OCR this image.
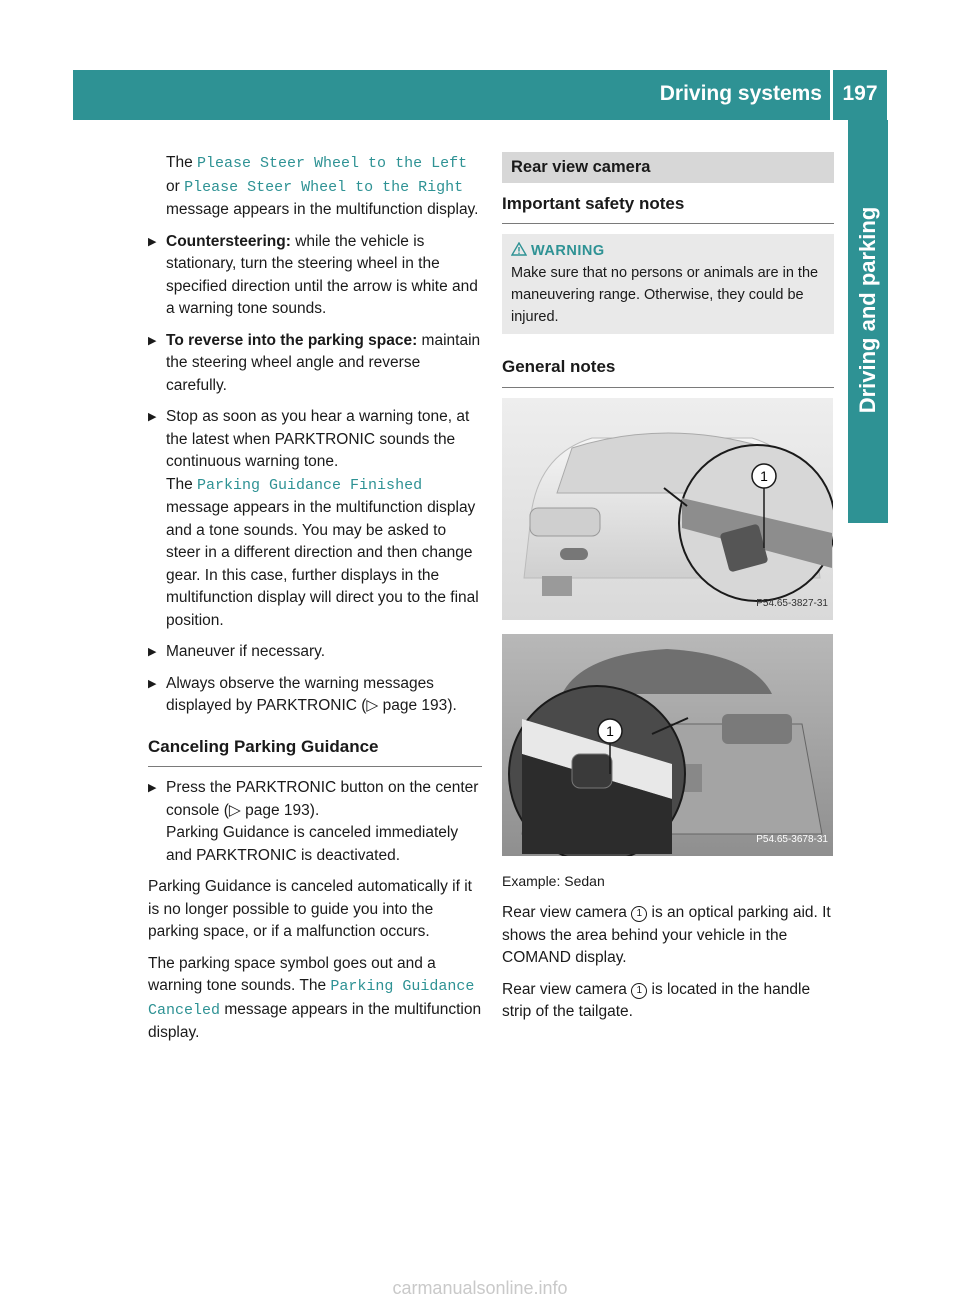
Driving systems 197
Driving and parking

The Please Steer Wheel to the Left or Please Steer Wheel to the Right message appears in the multifunction display.

▶ Countersteering: while the vehicle is stationary, turn the steering wheel in the specified direction until the arrow is white and a warning tone sounds.
▶ To reverse into the parking space: maintain the steering wheel angle and reverse carefully.
▶ Stop as soon as you hear a warning tone, at the latest when PARKTRONIC sounds the continuous warning tone.
The Parking Guidance Finished message appears in the multifunction display and a tone sounds. You may be asked to steer in a different direction and then change gear. In this case, further displays in the multifunction display will direct you to the final position.
▶ Maneuver if necessary.
▶ Always observe the warning messages displayed by PARKTRONIC (▷ page 193).
Canceling Parking Guidance
▶ Press the PARKTRONIC button on the center console (▷ page 193).
Parking Guidance is canceled immediately and PARKTRONIC is deactivated.

Parking Guidance is canceled automatically if it is no longer possible to guide you into the parking space, or if a malfunction occurs.

The parking space symbol goes out and a warning tone sounds. The Parking Guidance Canceled message appears in the multifunction display.

Rear view camera
Important safety notes
WARNING
Make sure that no persons or animals are in the maneuvering range. Otherwise, they could be injured.
General notes
1
P54.65-3827-31
1
P54.65-3678-31
Example: Sedan

Rear view camera 1 is an optical parking aid. It shows the area behind your vehicle in the COMAND display.

Rear view camera 1 is located in the handle strip of the tailgate.

carmanualsonline.info
